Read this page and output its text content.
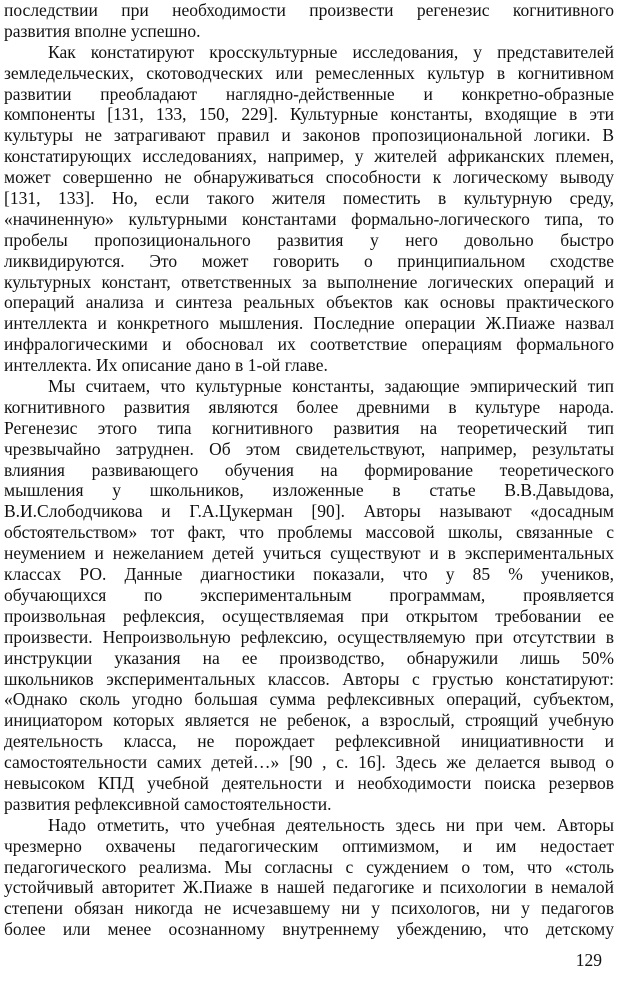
последствии при необходимости произвести регенезис когнитивного
развития вполне успешно.
Как констатируют кросскультурные исследования, у представителей
земледельческих, скотоводческих или ремесленных культур в когнитивном
развитии преобладают наглядно-действенные и конкретно-образные
компоненты [131, 133, 150, 229]. Культурные константы, входящие в эти
культуры не затрагивают правил и законов пропозициональной логики. В
констатирующих исследованиях, например, у жителей африканских племен,
может совершенно не обнаруживаться способности к логическому выводу
[131, 133]. Но, если такого жителя поместить в культурную среду,
«начиненную» культурными константами формально-логического типа, то
пробелы пропозиционального развития у него довольно быстро
ликвидируются. Это может говорить о принципиальном сходстве
культурных констант, ответственных за выполнение логических операций и
операций анализа и синтеза реальных объектов как основы практического
интеллекта и конкретного мышления. Последние операции Ж.Пиаже назвал
инфралогическими и обосновал их соответствие операциям формального
интеллекта. Их описание дано в 1-ой главе.
Мы считаем, что культурные константы, задающие эмпирический тип
когнитивного развития являются более древними в культуре народа.
Регенезис этого типа когнитивного развития на теоретический тип
чрезвычайно затруднен. Об этом свидетельствуют, например, результаты
влияния развивающего обучения на формирование теоретического
мышления у школьников, изложенные в статье В.В.Давыдова,
В.И.Слободчикова и Г.А.Цукерман [90]. Авторы называют «досадным
обстоятельством» тот факт, что проблемы массовой школы, связанные с
неумением и нежеланием детей учиться существуют и в экспериментальных
классах РО. Данные диагностики показали, что у 85 % учеников,
обучающихся по экспериментальным программам, проявляется
произвольная рефлексия, осуществляемая при открытом требовании ее
произвести. Непроизвольную рефлексию, осуществляемую при отсутствии в
инструкции указания на ее производство, обнаружили лишь 50%
школьников экспериментальных классов. Авторы с грустью констатируют:
«Однако сколь угодно большая сумма рефлексивных операций, субъектом,
инициатором которых является не ребенок, а взрослый, строящий учебную
деятельность класса, не порождает рефлексивной инициативности и
самостоятельности самих детей…» [90 , с. 16]. Здесь же делается вывод о
невысоком КПД учебной деятельности и необходимости поиска резервов
развития рефлексивной самостоятельности.
Надо отметить, что учебная деятельность здесь ни при чем. Авторы
чрезмерно охвачены педагогическим оптимизмом, и им недостает
педагогического реализма. Мы согласны с суждением о том, что «столь
устойчивый авторитет Ж.Пиаже в нашей педагогике и психологии в немалой
степени обязан никогда не исчезавшему ни у психологов, ни у педагогов
более или менее осознанному внутреннему убеждению, что детскому
129
